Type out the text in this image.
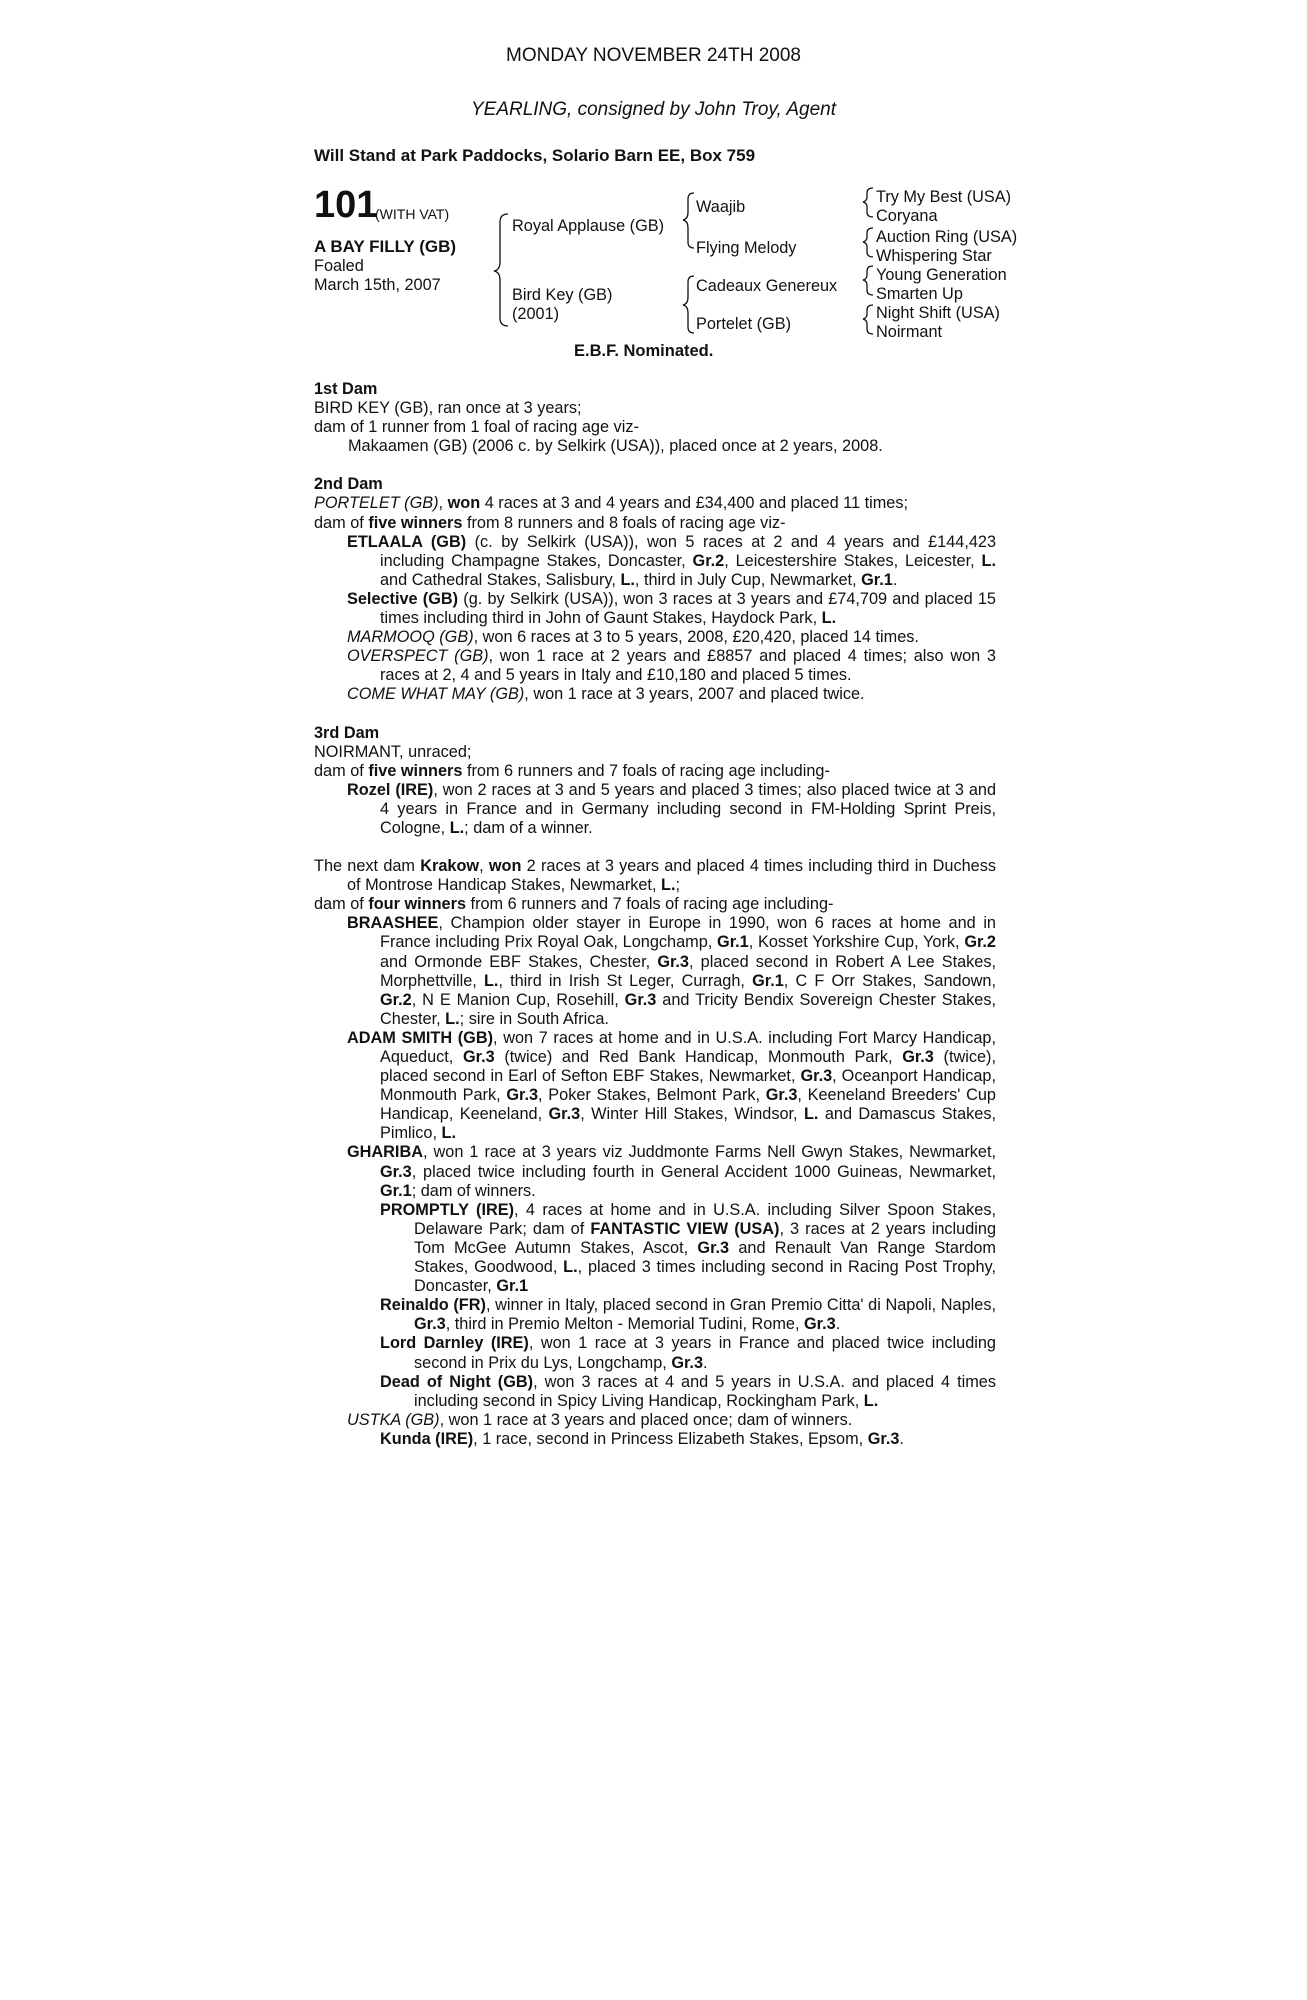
MONDAY NOVEMBER 24TH 2008
YEARLING, consigned by John Troy, Agent
Will Stand at Park Paddocks, Solario Barn EE, Box 759
101
(WITH VAT)
A BAY FILLY (GB)
Foaled
March 15th, 2007
Royal Applause (GB)
Bird Key (GB)
(2001)
Waajib
Flying Melody
Cadeaux Genereux
Portelet (GB)
Try My Best (USA)
Coryana
Auction Ring (USA)
Whispering Star
Young Generation
Smarten Up
Night Shift (USA)
Noirmant
E.B.F. Nominated.
1st Dam
BIRD KEY (GB), ran once at 3 years;
dam of 1 runner from 1 foal of racing age viz-
Makaamen (GB) (2006 c. by Selkirk (USA)), placed once at 2 years, 2008.
2nd Dam
PORTELET (GB), won 4 races at 3 and 4 years and £34,400 and placed 11 times;
dam of five winners from 8 runners and 8 foals of racing age viz-
ETLAALA (GB) (c. by Selkirk (USA)), won 5 races at 2 and 4 years and £144,423 including Champagne Stakes, Doncaster, Gr.2, Leicestershire Stakes, Leicester, L. and Cathedral Stakes, Salisbury, L., third in July Cup, Newmarket, Gr.1.
Selective (GB) (g. by Selkirk (USA)), won 3 races at 3 years and £74,709 and placed 15 times including third in John of Gaunt Stakes, Haydock Park, L.
MARMOOQ (GB), won 6 races at 3 to 5 years, 2008, £20,420, placed 14 times.
OVERSPECT (GB), won 1 race at 2 years and £8857 and placed 4 times; also won 3 races at 2, 4 and 5 years in Italy and £10,180 and placed 5 times.
COME WHAT MAY (GB), won 1 race at 3 years, 2007 and placed twice.
3rd Dam
NOIRMANT, unraced;
dam of five winners from 6 runners and 7 foals of racing age including-
Rozel (IRE), won 2 races at 3 and 5 years and placed 3 times; also placed twice at 3 and 4 years in France and in Germany including second in FM-Holding Sprint Preis, Cologne, L.; dam of a winner.
The next dam Krakow, won 2 races at 3 years and placed 4 times including third in Duchess of Montrose Handicap Stakes, Newmarket, L.;
dam of four winners from 6 runners and 7 foals of racing age including-
BRAASHEE, Champion older stayer in Europe in 1990, won 6 races at home and in France including Prix Royal Oak, Longchamp, Gr.1, Kosset Yorkshire Cup, York, Gr.2 and Ormonde EBF Stakes, Chester, Gr.3, placed second in Robert A Lee Stakes, Morphettville, L., third in Irish St Leger, Curragh, Gr.1, C F Orr Stakes, Sandown, Gr.2, N E Manion Cup, Rosehill, Gr.3 and Tricity Bendix Sovereign Chester Stakes, Chester, L.; sire in South Africa.
ADAM SMITH (GB), won 7 races at home and in U.S.A. including Fort Marcy Handicap, Aqueduct, Gr.3 (twice) and Red Bank Handicap, Monmouth Park, Gr.3 (twice), placed second in Earl of Sefton EBF Stakes, Newmarket, Gr.3, Oceanport Handicap, Monmouth Park, Gr.3, Poker Stakes, Belmont Park, Gr.3, Keeneland Breeders' Cup Handicap, Keeneland, Gr.3, Winter Hill Stakes, Windsor, L. and Damascus Stakes, Pimlico, L.
GHARIBA, won 1 race at 3 years viz Juddmonte Farms Nell Gwyn Stakes, Newmarket, Gr.3, placed twice including fourth in General Accident 1000 Guineas, Newmarket, Gr.1; dam of winners.
PROMPTLY (IRE), 4 races at home and in U.S.A. including Silver Spoon Stakes, Delaware Park; dam of FANTASTIC VIEW (USA), 3 races at 2 years including Tom McGee Autumn Stakes, Ascot, Gr.3 and Renault Van Range Stardom Stakes, Goodwood, L., placed 3 times including second in Racing Post Trophy, Doncaster, Gr.1
Reinaldo (FR), winner in Italy, placed second in Gran Premio Citta' di Napoli, Naples, Gr.3, third in Premio Melton - Memorial Tudini, Rome, Gr.3.
Lord Darnley (IRE), won 1 race at 3 years in France and placed twice including second in Prix du Lys, Longchamp, Gr.3.
Dead of Night (GB), won 3 races at 4 and 5 years in U.S.A. and placed 4 times including second in Spicy Living Handicap, Rockingham Park, L.
USTKA (GB), won 1 race at 3 years and placed once; dam of winners.
Kunda (IRE), 1 race, second in Princess Elizabeth Stakes, Epsom, Gr.3.
